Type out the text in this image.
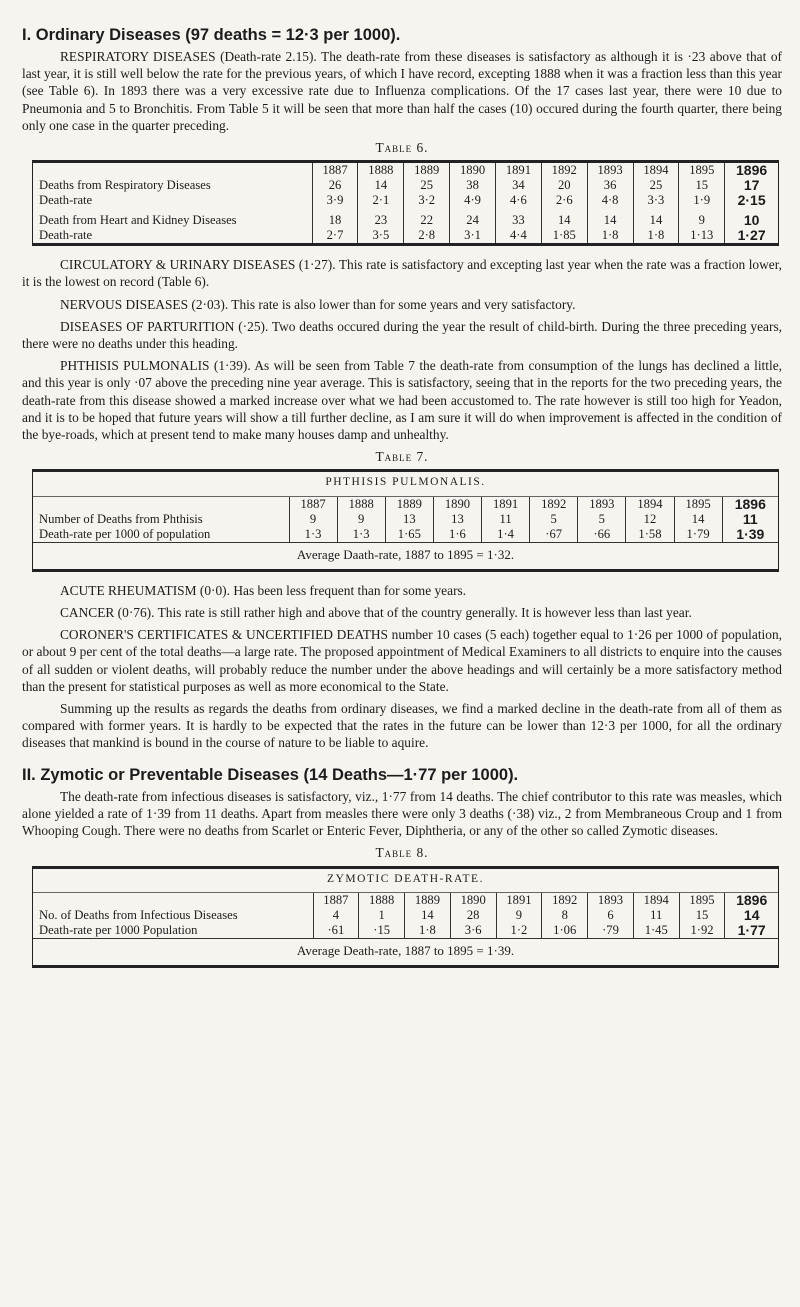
I. Ordinary Diseases (97 deaths = 12·3 per 1000).

RESPIRATORY DISEASES (Death-rate 2.15). The death-rate from these diseases is satisfactory as although it is ·23 above that of last year, it is still well below the rate for the previous years, of which I have record, excepting 1888 when it was a fraction less than this year (see Table 6). In 1893 there was a very excessive rate due to Influenza complications. Of the 17 cases last year, there were 10 due to Pneumonia and 5 to Bronchitis. From Table 5 it will be seen that more than half the cases (10) occured during the fourth quarter, there being only one case in the quarter preceding.

Table 6.
	1887	1888	1889	1890	1891	1892	1893	1894	1895	1896
Deaths from Respiratory Diseases	26	14	25	38	34	20	36	25	15	17
Death-rate	3·9	2·1	3·2	4·9	4·6	2·6	4·8	3·3	1·9	2·15

Death from Heart and Kidney Diseases	18	23	22	24	33	14	14	14	9	10
Death-rate	2·7	3·5	2·8	3·1	4·4	1·85	1·8	1·8	1·13	1·27

CIRCULATORY & URINARY DISEASES (1·27). This rate is satisfactory and excepting last year when the rate was a fraction lower, it is the lowest on record (Table 6).

NERVOUS DISEASES (2·03). This rate is also lower than for some years and very satisfactory.

DISEASES OF PARTURITION (·25). Two deaths occured during the year the result of child-birth. During the three preceding years, there were no deaths under this heading.

PHTHISIS PULMONALIS (1·39). As will be seen from Table 7 the death-rate from consumption of the lungs has declined a little, and this year is only ·07 above the preceding nine year average. This is satisfactory, seeing that in the reports for the two preceding years, the death-rate from this disease showed a marked increase over what we had been accustomed to. The rate however is still too high for Yeadon, and it is to be hoped that future years will show a till further decline, as I am sure it will do when improvement is affected in the condition of the bye-roads, which at present tend to make many houses damp and unhealthy.

Table 7.
PHTHISIS PULMONALIS.
	1887	1888	1889	1890	1891	1892	1893	1894	1895	1896
Number of Deaths from Phthisis	9	9	13	13	11	5	5	12	14	11
Death-rate per 1000 of population	1·3	1·3	1·65	1·6	1·4	·67	·66	1·58	1·79	1·39
Average Daath-rate, 1887 to 1895 = 1·32.

ACUTE RHEUMATISM (0·0). Has been less frequent than for some years.

CANCER (0·76). This rate is still rather high and above that of the country generally. It is however less than last year.

CORONER'S CERTIFICATES & UNCERTIFIED DEATHS number 10 cases (5 each) together equal to 1·26 per 1000 of population, or about 9 per cent of the total deaths—a large rate. The proposed appointment of Medical Examiners to all districts to enquire into the causes of all sudden or violent deaths, will probably reduce the number under the above headings and will certainly be a more satisfactory method than the present for statistical purposes as well as more economical to the State.

Summing up the results as regards the deaths from ordinary diseases, we find a marked decline in the death-rate from all of them as compared with former years. It is hardly to be expected that the rates in the future can be lower than 12·3 per 1000, for all the ordinary diseases that mankind is bound in the course of nature to be liable to aquire.

II. Zymotic or Preventable Diseases (14 Deaths—1·77 per 1000).

The death-rate from infectious diseases is satisfactory, viz., 1·77 from 14 deaths. The chief contributor to this rate was measles, which alone yielded a rate of 1·39 from 11 deaths. Apart from measles there were only 3 deaths (·38) viz., 2 from Membraneous Croup and 1 from Whooping Cough. There were no deaths from Scarlet or Enteric Fever, Diphtheria, or any of the other so called Zymotic diseases.

Table 8.
ZYMOTIC DEATH-RATE.
	1887	1888	1889	1890	1891	1892	1893	1894	1895	1896
No. of Deaths from Infectious Diseases	4	1	14	28	9	8	6	11	15	14
Death-rate per 1000 Population	·61	·15	1·8	3·6	1·2	1·06	·79	1·45	1·92	1·77
Average Death-rate, 1887 to 1895 = 1·39.
